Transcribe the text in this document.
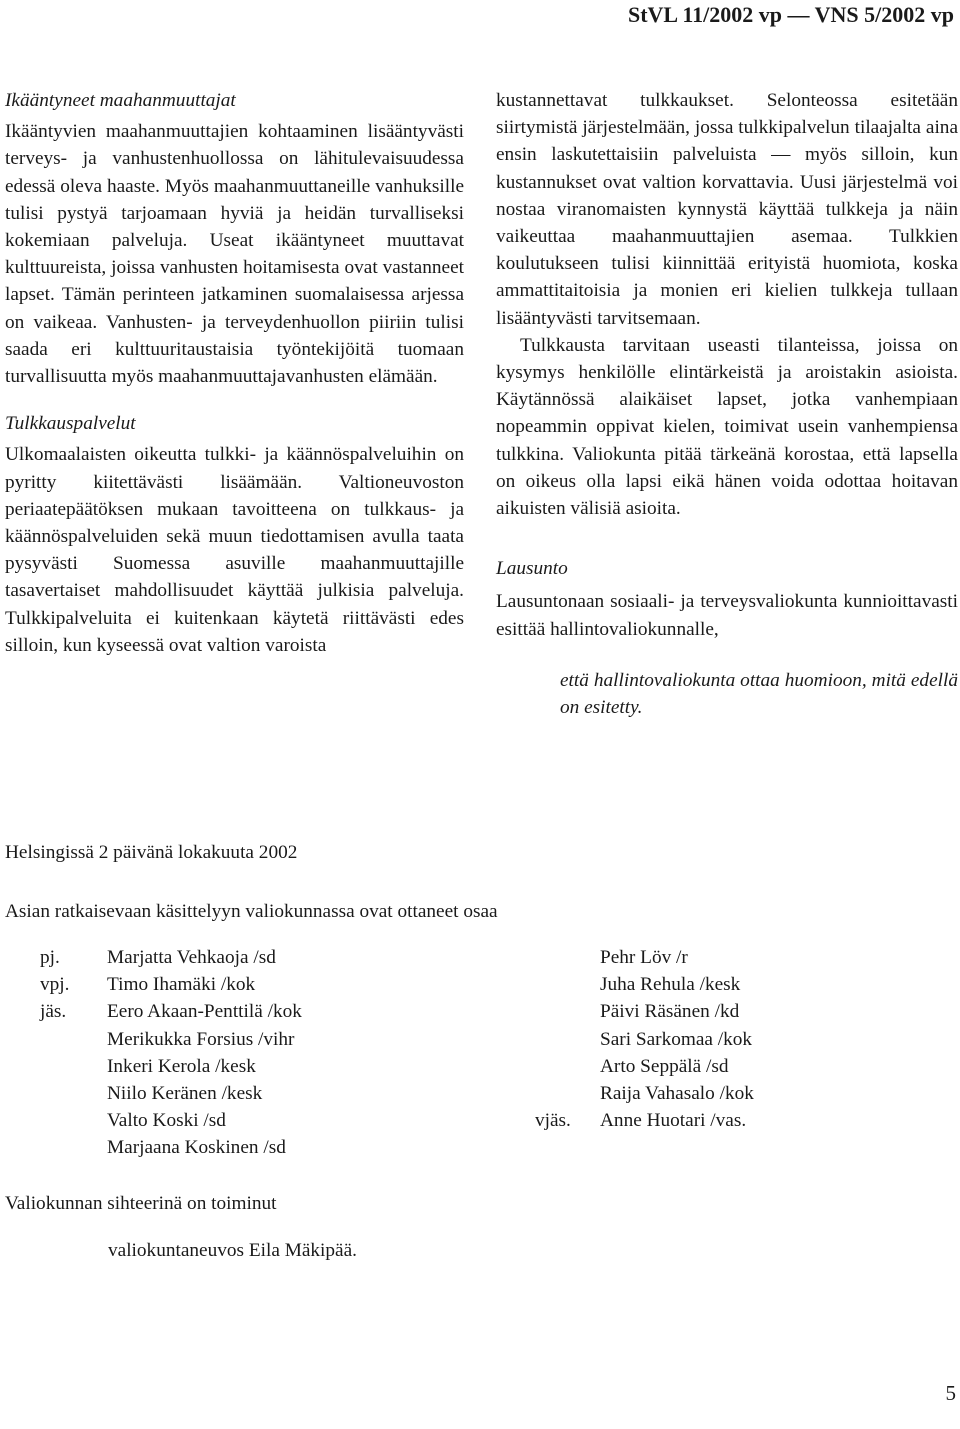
StVL 11/2002 vp — VNS 5/2002 vp

Ikääntyneet maahanmuuttajat

Ikääntyvien maahanmuuttajien kohtaaminen lisääntyvästi terveys- ja vanhustenhuollossa on lähitulevaisuudessa edessä oleva haaste. Myös maahanmuuttaneille vanhuksille tulisi pystyä tarjoamaan hyviä ja heidän turvalliseksi kokemiaan palveluja. Useat ikääntyneet muuttavat kulttuureista, joissa vanhusten hoitamisesta ovat vastanneet lapset. Tämän perinteen jatkaminen suomalaisessa arjessa on vaikeaa. Vanhusten- ja terveydenhuollon piiriin tulisi saada eri kulttuuritaustaisia työntekijöitä tuomaan turvallisuutta myös maahanmuuttajavanhusten elämään.

Tulkkauspalvelut

Ulkomaalaisten oikeutta tulkki- ja käännöspalveluihin on pyritty kiitettävästi lisäämään. Valtioneuvoston periaatepäätöksen mukaan tavoitteena on tulkkaus- ja käännöspalveluiden sekä muun tiedottamisen avulla taata pysyvästi Suomessa asuville maahanmuuttajille tasavertaiset mahdollisuudet käyttää julkisia palveluja. Tulkkipalveluita ei kuitenkaan käytetä riittävästi edes silloin, kun kyseessä ovat valtion varoista

kustannettavat tulkkaukset. Selonteossa esitetään siirtymistä järjestelmään, jossa tulkkipalvelun tilaajalta aina ensin laskutettaisiin palveluista — myös silloin, kun kustannukset ovat valtion korvattavia. Uusi järjestelmä voi nostaa viranomaisten kynnystä käyttää tulkkeja ja näin vaikeuttaa maahanmuuttajien asemaa. Tulkkien koulutukseen tulisi kiinnittää erityistä huomiota, koska ammattitaitoisia ja monien eri kielien tulkkeja tullaan lisääntyvästi tarvitsemaan.

Tulkkausta tarvitaan useasti tilanteissa, joissa on kysymys henkilölle elintärkeistä ja aroistakin asioista. Käytännössä alaikäiset lapset, jotka vanhempiaan nopeammin oppivat kielen, toimivat usein vanhempiensa tulkkina. Valiokunta pitää tärkeänä korostaa, että lapsella on oikeus olla lapsi eikä hänen voida odottaa hoitavan aikuisten välisiä asioita.

Lausunto

Lausuntonaan sosiaali- ja terveysvaliokunta kunnioittavasti esittää hallintovaliokunnalle,

että hallintovaliokunta ottaa huomioon, mitä edellä on esitetty.

Helsingissä 2 päivänä lokakuuta 2002
Asian ratkaisevaan käsittelyyn valiokunnassa ovat ottaneet osaa
pj. Marjatta Vehkaoja /sd	Pehr Löv /r
vpj. Timo Ihamäki /kok	Juha Rehula /kesk
jäs. Eero Akaan-Penttilä /kok	Päivi Räsänen /kd
Merikukka Forsius /vihr	Sari Sarkomaa /kok
Inkeri Kerola /kesk	Arto Seppälä /sd
Niilo Keränen /kesk	Raija Vahasalo /kok
Valto Koski /sd	vjäs. Anne Huotari /vas.
Marjaana Koskinen /sd
Valiokunnan sihteerinä on toiminut
valiokuntaneuvos Eila Mäkipää.
5
